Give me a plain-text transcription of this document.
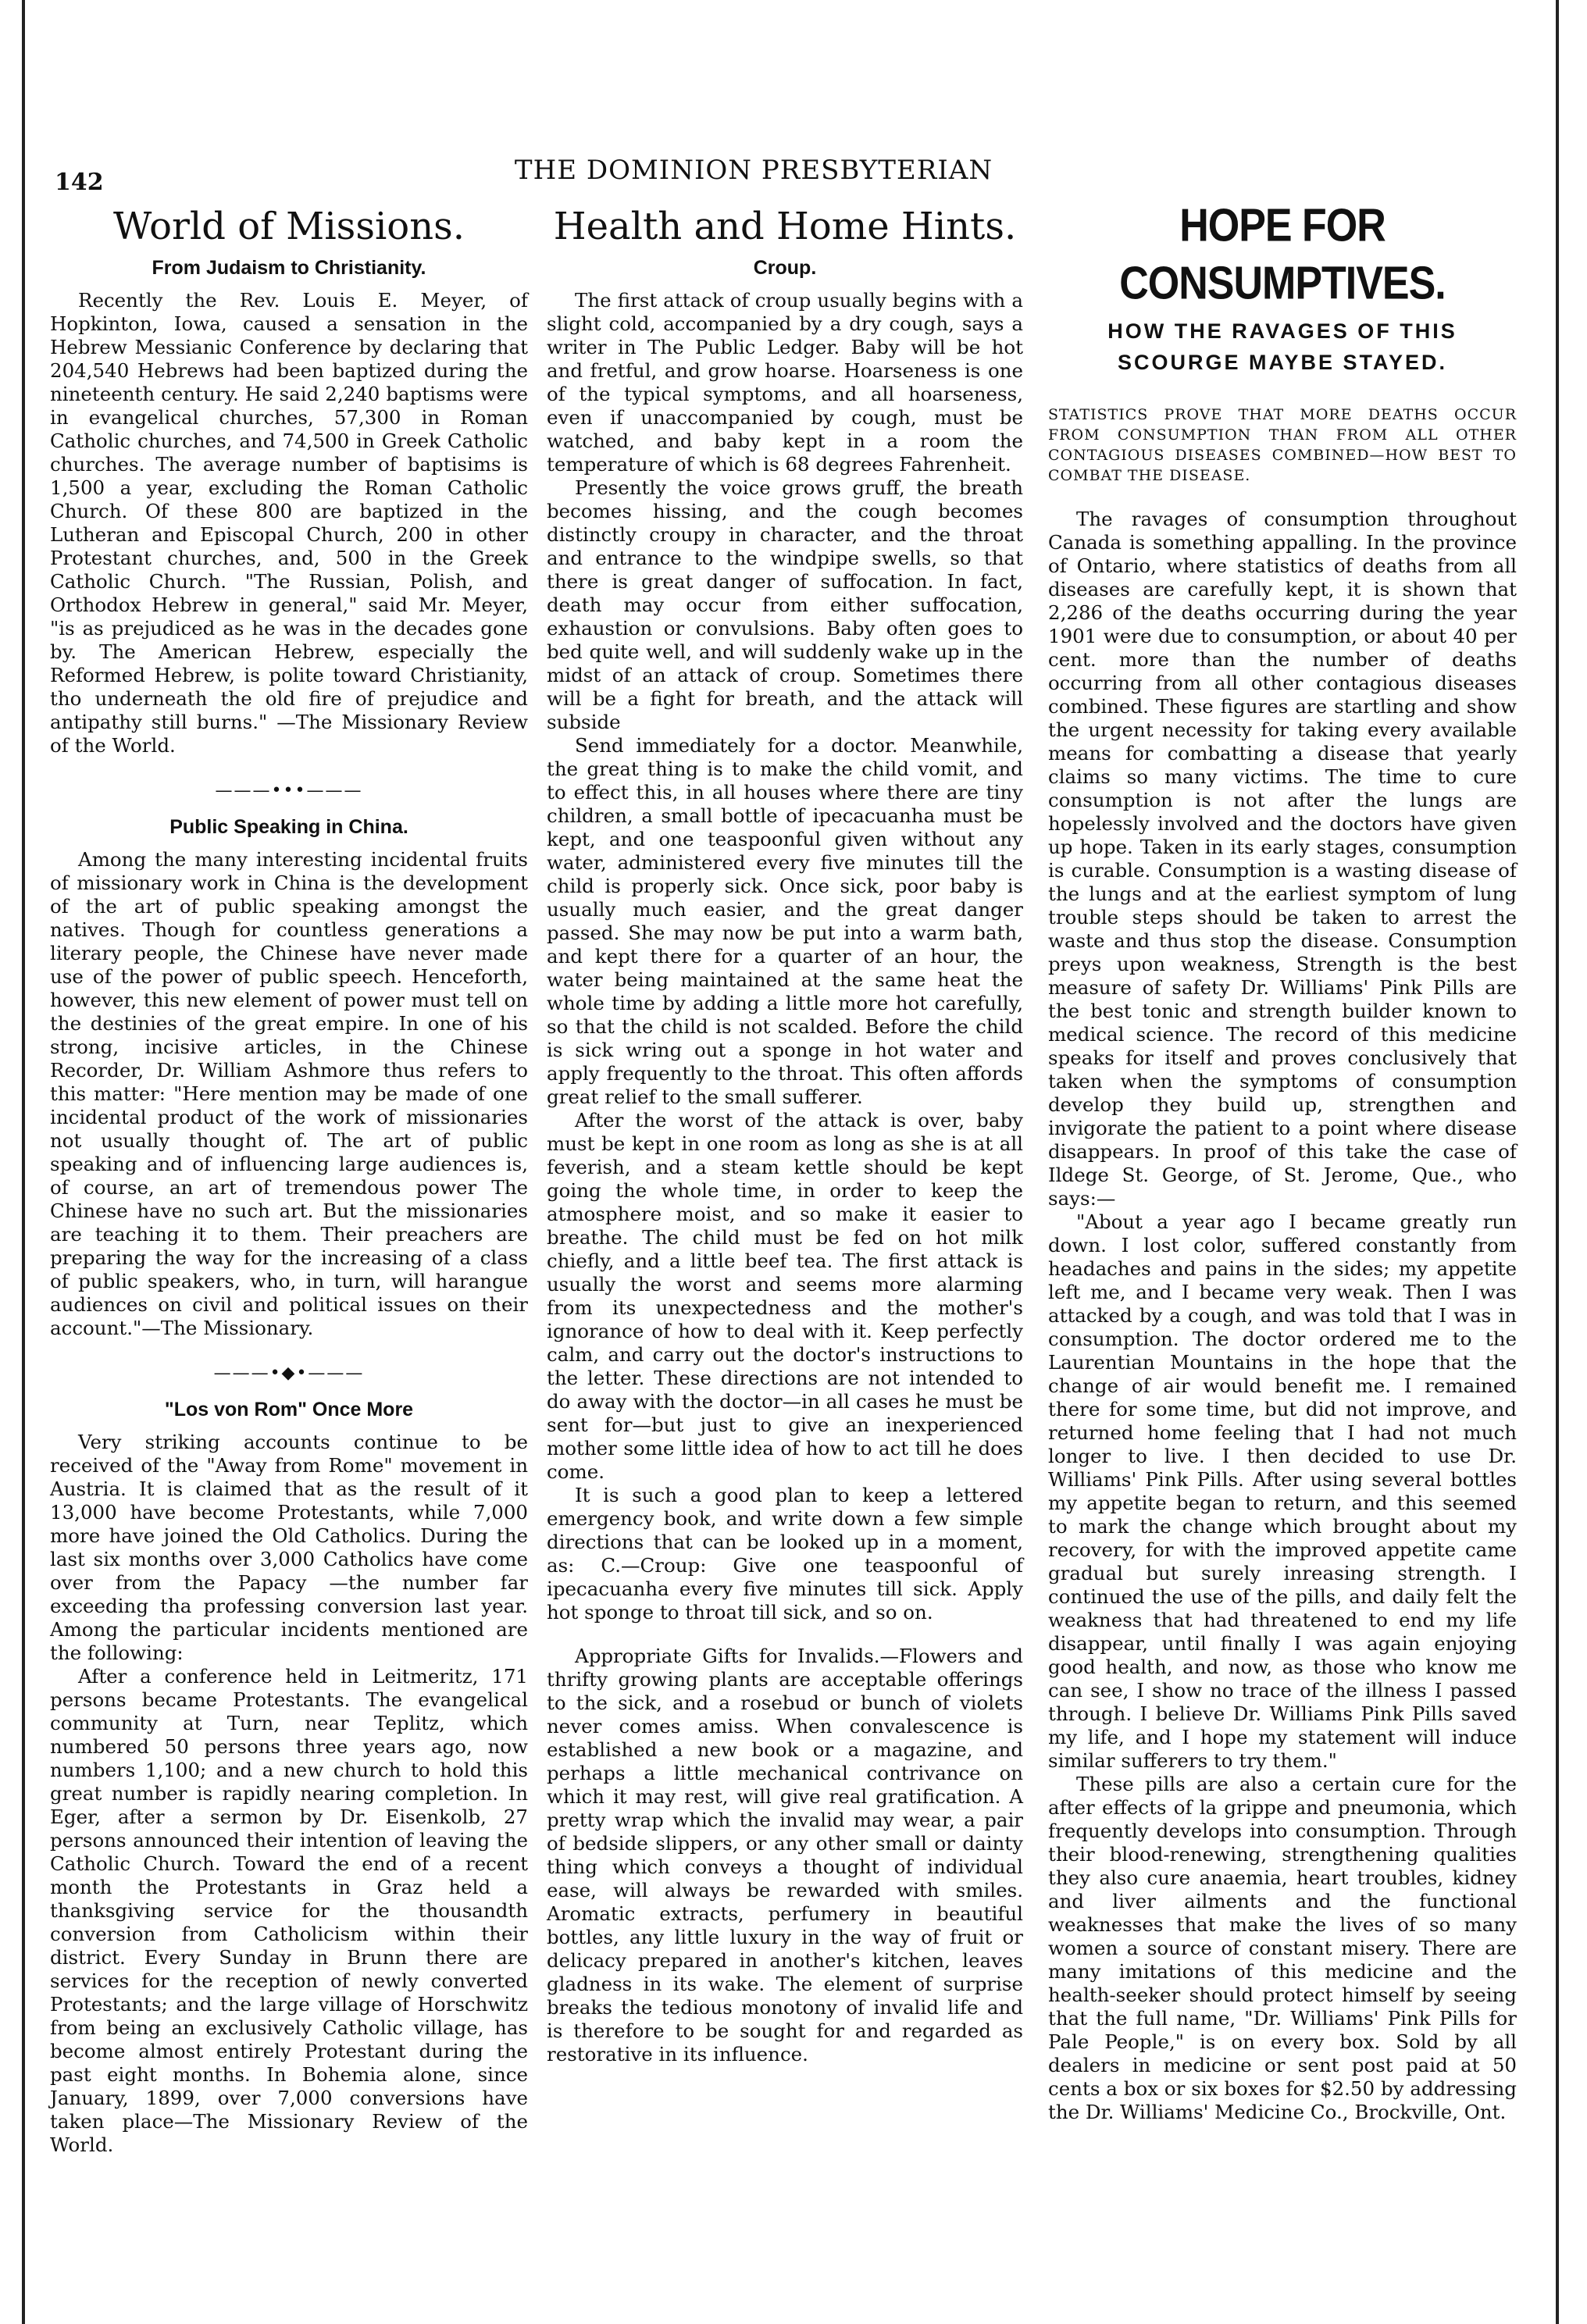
142	THE DOMINION PRESBYTERIAN
World of Missions.
From Judaism to Christianity.

Recently the Rev. Louis E. Meyer, of Hopkinton, Iowa, caused a sensation in the Hebrew Messianic Conference by declaring that 204,540 Hebrews had been baptized during the nineteenth century. He said 2,240 baptisms were in evangelical churches, 57,300 in Roman Catholic churches, and 74,500 in Greek Catholic churches. The average number of baptisims is 1,500 a year, excluding the Roman Catholic Church. Of these 800 are baptized in the Lutheran and Episcopal Church, 200 in other Protestant churches, and, 500 in the Greek Catholic Church. "The Russian, Polish, and Orthodox Hebrew in general," said Mr. Meyer, "is as prejudiced as he was in the decades gone by. The American Hebrew, especially the Reformed Hebrew, is polite toward Christianity, tho underneath the old fire of prejudice and antipathy still burns." —The Missionary Review of the World.

———•••———
Public Speaking in China.

Among the many interesting incidental fruits of missionary work in China is the development of the art of public speaking amongst the natives. Though for countless generations a literary people, the Chinese have never made use of the power of public speech. Henceforth, however, this new element of power must tell on the destinies of the great empire. In one of his strong, incisive articles, in the Chinese Recorder, Dr. William Ashmore thus refers to this matter: "Here mention may be made of one incidental product of the work of missionaries not usually thought of. The art of public speaking and of influencing large audiences is, of course, an art of tremendous power The Chinese have no such art. But the missionaries are teaching it to them. Their preachers are preparing the way for the increasing of a class of public speakers, who, in turn, will harangue audiences on civil and political issues on their account."—The Missionary.

———•◆•———
"Los von Rom" Once More

Very striking accounts continue to be received of the "Away from Rome" movement in Austria. It is claimed that as the result of it 13,000 have become Protestants, while 7,000 more have joined the Old Catholics. During the last six months over 3,000 Catholics have come over from the Papacy —the number far exceeding tha professing conversion last year. Among the particular incidents mentioned are the following:

After a conference held in Leitmeritz, 171 persons became Protestants. The evangelical community at Turn, near Teplitz, which numbered 50 persons three years ago, now numbers 1,100; and a new church to hold this great number is rapidly nearing completion. In Eger, after a sermon by Dr. Eisenkolb, 27 persons announced their intention of leaving the Catholic Church. Toward the end of a recent month the Protestants in Graz held a thanksgiving service for the thousandth conversion from Catholicism within their district. Every Sunday in Brunn there are services for the reception of newly converted Protestants; and the large village of Horschwitz from being an exclusively Catholic village, has become almost entirely Protestant during the past eight months. In Bohemia alone, since January, 1899, over 7,000 conversions have taken place—The Missionary Review of the World.

Health and Home Hints.
Croup.

The first attack of croup usually begins with a slight cold, accompanied by a dry cough, says a writer in The Public Ledger. Baby will be hot and fretful, and grow hoarse. Hoarseness is one of the typical symptoms, and all hoarseness, even if unaccompanied by cough, must be watched, and baby kept in a room the temperature of which is 68 degrees Fahrenheit.

Presently the voice grows gruff, the breath becomes hissing, and the cough becomes distinctly croupy in character, and the throat and entrance to the windpipe swells, so that there is great danger of suffocation. In fact, death may occur from either suffocation, exhaustion or convulsions. Baby often goes to bed quite well, and will suddenly wake up in the midst of an attack of croup. Sometimes there will be a fight for breath, and the attack will subside

Send immediately for a doctor. Meanwhile, the great thing is to make the child vomit, and to effect this, in all houses where there are tiny children, a small bottle of ipecacuanha must be kept, and one teaspoonful given without any water, administered every five minutes till the child is properly sick. Once sick, poor baby is usually much easier, and the great danger passed. She may now be put into a warm bath, and kept there for a quarter of an hour, the water being maintained at the same heat the whole time by adding a little more hot carefully, so that the child is not scalded. Before the child is sick wring out a sponge in hot water and apply frequently to the throat. This often affords great relief to the small sufferer.

After the worst of the attack is over, baby must be kept in one room as long as she is at all feverish, and a steam kettle should be kept going the whole time, in order to keep the atmosphere moist, and so make it easier to breathe. The child must be fed on hot milk chiefly, and a little beef tea. The first attack is usually the worst and seems more alarming from its unexpectedness and the mother's ignorance of how to deal with it. Keep perfectly calm, and carry out the doctor's instructions to the letter. These directions are not intended to do away with the doctor—in all cases he must be sent for—but just to give an inexperienced mother some little idea of how to act till he does come.

It is such a good plan to keep a lettered emergency book, and write down a few simple directions that can be looked up in a moment, as: C.—Croup: Give one teaspoonful of ipecacuanha every five minutes till sick. Apply hot sponge to throat till sick, and so on.

Appropriate Gifts for Invalids.—Flowers and thrifty growing plants are acceptable offerings to the sick, and a rosebud or bunch of violets never comes amiss. When convalescence is established a new book or a magazine, and perhaps a little mechanical contrivance on which it may rest, will give real gratification. A pretty wrap which the invalid may wear, a pair of bedside slippers, or any other small or dainty thing which conveys a thought of individual ease, will always be rewarded with smiles. Aromatic extracts, perfumery in beautiful bottles, any little luxury in the way of fruit or delicacy prepared in another's kitchen, leaves gladness in its wake. The element of surprise breaks the tedious monotony of invalid life and is therefore to be sought for and regarded as restorative in its influence.

HOPE FOR CONSUMPTIVES.
HOW THE RAVAGES OF THIS SCOURGE MAYBE STAYED.
STATISTICS PROVE THAT MORE DEATHS OCCUR FROM CONSUMPTION THAN FROM ALL OTHER CONTAGIOUS DISEASES COMBINED—HOW BEST TO COMBAT THE DISEASE.

The ravages of consumption throughout Canada is something appalling. In the province of Ontario, where statistics of deaths from all diseases are carefully kept, it is shown that 2,286 of the deaths occurring during the year 1901 were due to consumption, or about 40 per cent. more than the number of deaths occurring from all other contagious diseases combined. These figures are startling and show the urgent necessity for taking every available means for combatting a disease that yearly claims so many victims. The time to cure consumption is not after the lungs are hopelessly involved and the doctors have given up hope. Taken in its early stages, consumption is curable. Consumption is a wasting disease of the lungs and at the earliest symptom of lung trouble steps should be taken to arrest the waste and thus stop the disease. Consumption preys upon weakness, Strength is the best measure of safety Dr. Williams' Pink Pills are the best tonic and strength builder known to medical science. The record of this medicine speaks for itself and proves conclusively that taken when the symptoms of consumption develop they build up, strengthen and invigorate the patient to a point where disease disappears. In proof of this take the case of Ildege St. George, of St. Jerome, Que., who says:—

"About a year ago I became greatly run down. I lost color, suffered constantly from headaches and pains in the sides; my appetite left me, and I became very weak. Then I was attacked by a cough, and was told that I was in consumption. The doctor ordered me to the Laurentian Mountains in the hope that the change of air would benefit me. I remained there for some time, but did not improve, and returned home feeling that I had not much longer to live. I then decided to use Dr. Williams' Pink Pills. After using several bottles my appetite began to return, and this seemed to mark the change which brought about my recovery, for with the improved appetite came gradual but surely inreasing strength. I continued the use of the pills, and daily felt the weakness that had threatened to end my life disappear, until finally I was again enjoying good health, and now, as those who know me can see, I show no trace of the illness I passed through. I believe Dr. Williams Pink Pills saved my life, and I hope my statement will induce similar sufferers to try them."

These pills are also a certain cure for the after effects of la grippe and pneumonia, which frequently develops into consumption. Through their blood-renewing, strengthening qualities they also cure anaemia, heart troubles, kidney and liver ailments and the functional weaknesses that make the lives of so many women a source of constant misery. There are many imitations of this medicine and the health-seeker should protect himself by seeing that the full name, "Dr. Williams' Pink Pills for Pale People," is on every box. Sold by all dealers in medicine or sent post paid at 50 cents a box or six boxes for $2.50 by addressing the Dr. Williams' Medicine Co., Brockville, Ont.
